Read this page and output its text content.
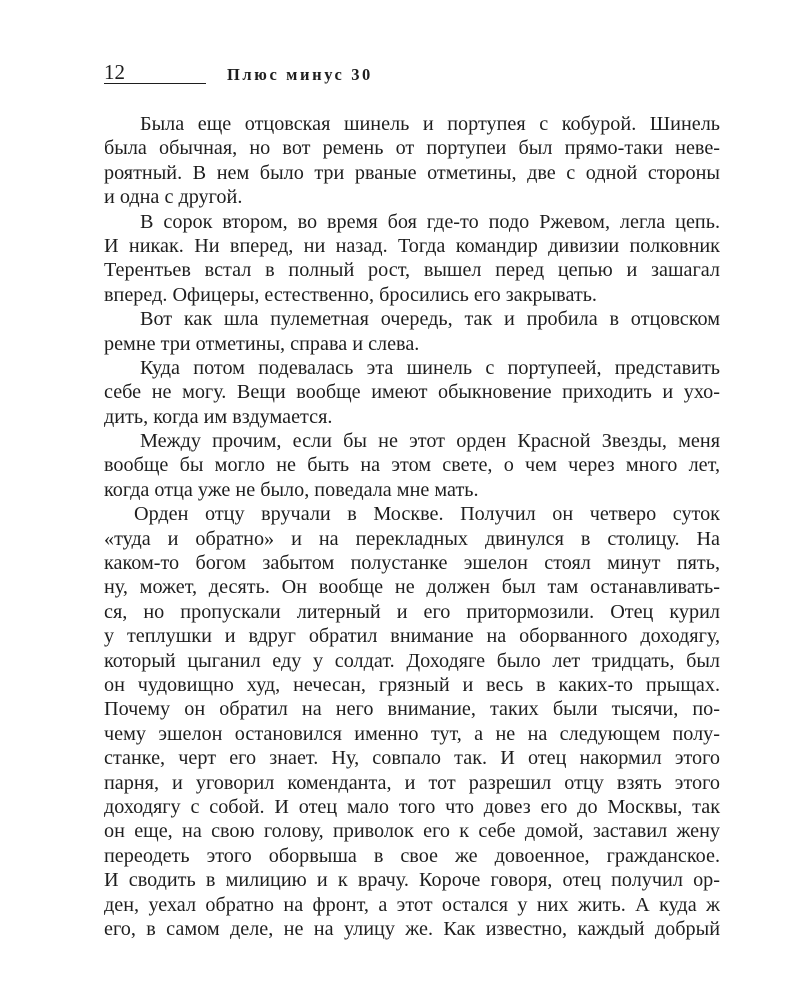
12	Плюс минус 30
Была еще отцовская шинель и портупея с кобурой. Шинель
была обычная, но вот ремень от портупеи был прямо-таки неве-
роятный. В нем было три рваные отметины, две с одной стороны
и одна с другой.
В сорок втором, во время боя где-то подо Ржевом, легла цепь.
И никак. Ни вперед, ни назад. Тогда командир дивизии полковник
Терентьев встал в полный рост, вышел перед цепью и зашагал
вперед. Офицеры, естественно, бросились его закрывать.
Вот как шла пулеметная очередь, так и пробила в отцовском
ремне три отметины, справа и слева.
Куда потом подевалась эта шинель с портупеей, представить
себе не могу. Вещи вообще имеют обыкновение приходить и ухо-
дить, когда им вздумается.
Между прочим, если бы не этот орден Красной Звезды, меня
вообще бы могло не быть на этом свете, о чем через много лет,
когда отца уже не было, поведала мне мать.
Орден отцу вручали в Москве. Получил он четверо суток
«туда и обратно» и на перекладных двинулся в столицу. На
каком-то богом забытом полустанке эшелон стоял минут пять,
ну, может, десять. Он вообще не должен был там останавливать-
ся, но пропускали литерный и его притормозили. Отец курил
у теплушки и вдруг обратил внимание на оборванного доходягу,
который цыганил еду у солдат. Доходяге было лет тридцать, был
он чудовищно худ, нечесан, грязный и весь в каких-то прыщах.
Почему он обратил на него внимание, таких были тысячи, по-
чему эшелон остановился именно тут, а не на следующем полу-
станке, черт его знает. Ну, совпало так. И отец накормил этого
парня, и уговорил коменданта, и тот разрешил отцу взять этого
доходягу с собой. И отец мало того что довез его до Москвы, так
он еще, на свою голову, приволок его к себе домой, заставил жену
переодеть этого оборвыша в свое же довоенное, гражданское.
И сводить в милицию и к врачу. Короче говоря, отец получил ор-
ден, уехал обратно на фронт, а этот остался у них жить. А куда ж
его, в самом деле, не на улицу же. Как известно, каждый добрый
